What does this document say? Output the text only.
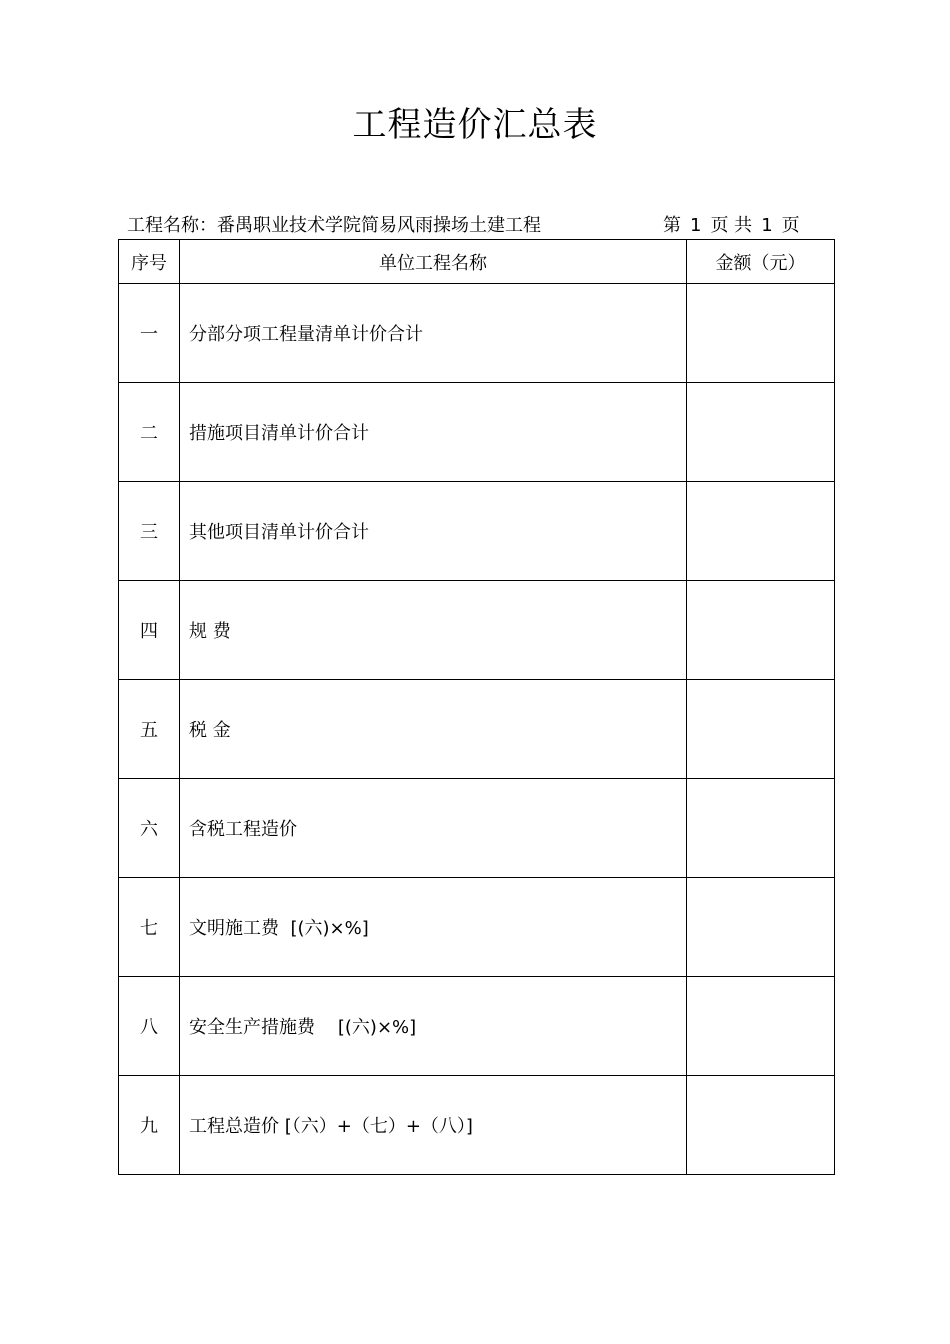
工程造价汇总表
工程名称：番禺职业技术学院简易风雨操场土建工程	第 1 页 共 1 页
序号	单位工程名称	金额（元）
一	分部分项工程量清单计价合计	
二	措施项目清单计价合计	
三	其他项目清单计价合计	
四	规 费	
五	税 金	
六	含税工程造价	
七	文明施工费  [(六)×%]	
八	安全生产措施费    [(六)×%]	
九	工程总造价 [（六）+（七）+（八）]	
